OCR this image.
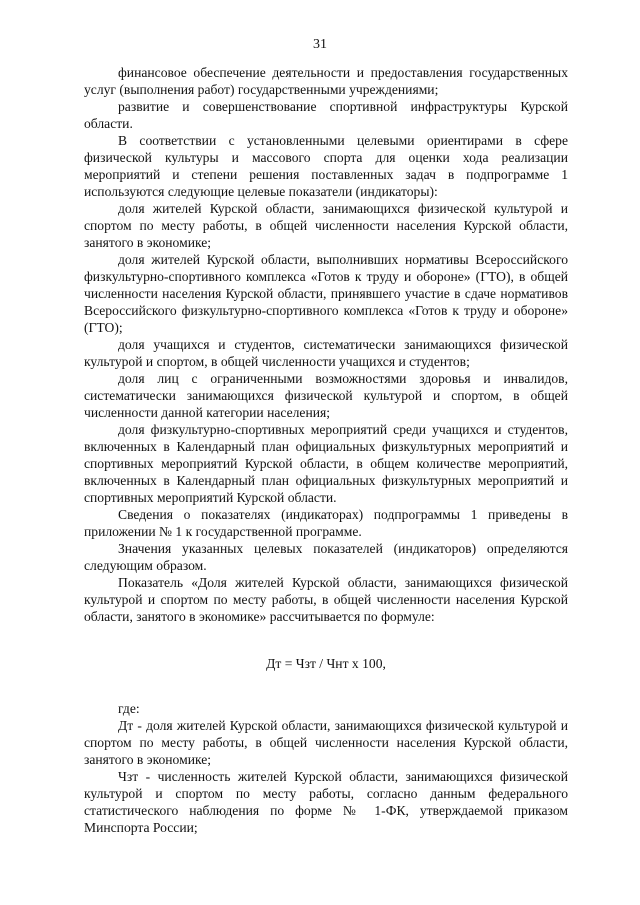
31

финансовое обеспечение деятельности и предоставления государственных услуг (выполнения работ) государственными учреждениями;

развитие и совершенствование спортивной инфраструктуры Курской области.

В соответствии с установленными целевыми ориентирами в сфере физической культуры и массового спорта для оценки хода реализации мероприятий и степени решения поставленных задач в подпрограмме 1 используются следующие целевые показатели (индикаторы):

доля жителей Курской области, занимающихся физической культурой и спортом по месту работы, в общей численности населения Курской области, занятого в экономике;

доля жителей Курской области, выполнивших нормативы Всероссийского физкультурно-спортивного комплекса «Готов к труду и обороне» (ГТО), в общей численности населения Курской области, принявшего участие в сдаче нормативов Всероссийского физкультурно-спортивного комплекса «Готов к труду и обороне» (ГТО);

доля учащихся и студентов, систематически занимающихся физической культурой и спортом, в общей численности учащихся и студентов;

доля лиц с ограниченными возможностями здоровья и инвалидов, систематически занимающихся физической культурой и спортом, в общей численности данной категории населения;

доля физкультурно-спортивных мероприятий среди учащихся и студентов, включенных в Календарный план официальных физкультурных мероприятий и спортивных мероприятий Курской области, в общем количестве мероприятий, включенных в Календарный план официальных физкультурных мероприятий и спортивных мероприятий Курской области.

Сведения о показателях (индикаторах) подпрограммы 1 приведены в приложении № 1 к государственной программе.

Значения указанных целевых показателей (индикаторов) определяются следующим образом.

Показатель «Доля жителей Курской области, занимающихся физической культурой и спортом по месту работы, в общей численности населения Курской области, занятого в экономике» рассчитывается по формуле:

Дт = Чзт / Чнт х 100,

где:

Дт - доля жителей Курской области, занимающихся физической культурой и спортом по месту работы, в общей численности населения Курской области, занятого в экономике;

Чзт - численность жителей Курской области, занимающихся физической культурой и спортом по месту работы, согласно данным федерального статистического наблюдения по форме № 1-ФК, утверждаемой приказом Минспорта России;
